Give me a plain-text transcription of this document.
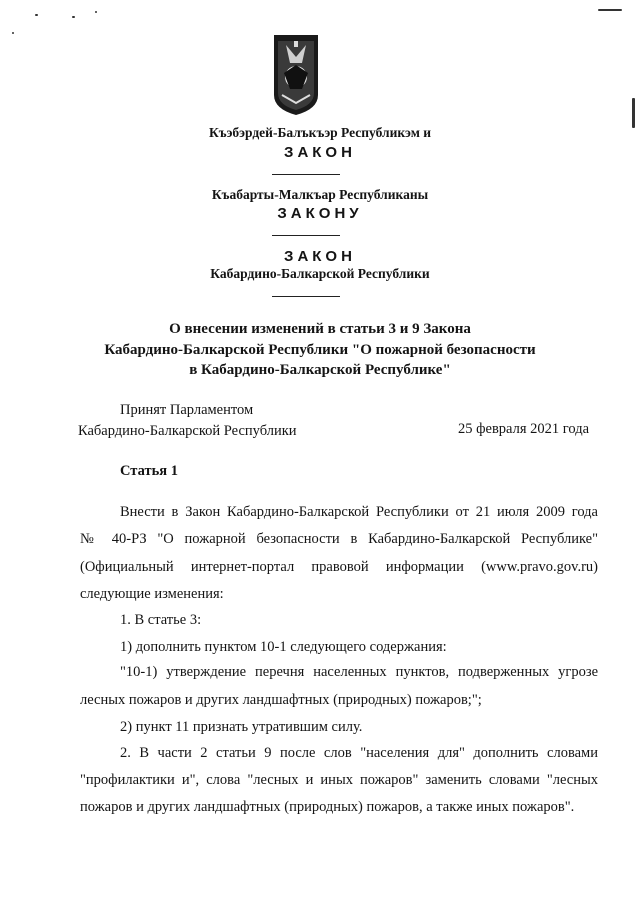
Къэбэрдей-Балъкъэр Республикэм и
ЗАКОН
Къабарты-Малкъар Республиканы
ЗАКОНУ
ЗАКОН
Кабардино-Балкарской Республики
О внесении изменений в статьи 3 и 9 Закона
Кабардино-Балкарской Республики "О пожарной безопасности
в Кабардино-Балкарской Республике"
Принят Парламентом
Кабардино-Балкарской Республики	25 февраля 2021 года
Статья 1
Внести в Закон Кабардино-Балкарской Республики от 21 июля 2009 года
№ 40-РЗ "О пожарной безопасности в Кабардино-Балкарской Республике"
(Официальный интернет-портал правовой информации (www.pravo.gov.ru)
следующие изменения:
1. В статье 3:
1) дополнить пунктом 10-1 следующего содержания:
"10-1) утверждение перечня населенных пунктов, подверженных угрозе
лесных пожаров и других ландшафтных (природных) пожаров;";
2) пункт 11 признать утратившим силу.
2. В части 2 статьи 9 после слов "населения для" дополнить словами
"профилактики и", слова "лесных и иных пожаров" заменить словами "лесных
пожаров и других ландшафтных (природных) пожаров, а также иных пожаров".
